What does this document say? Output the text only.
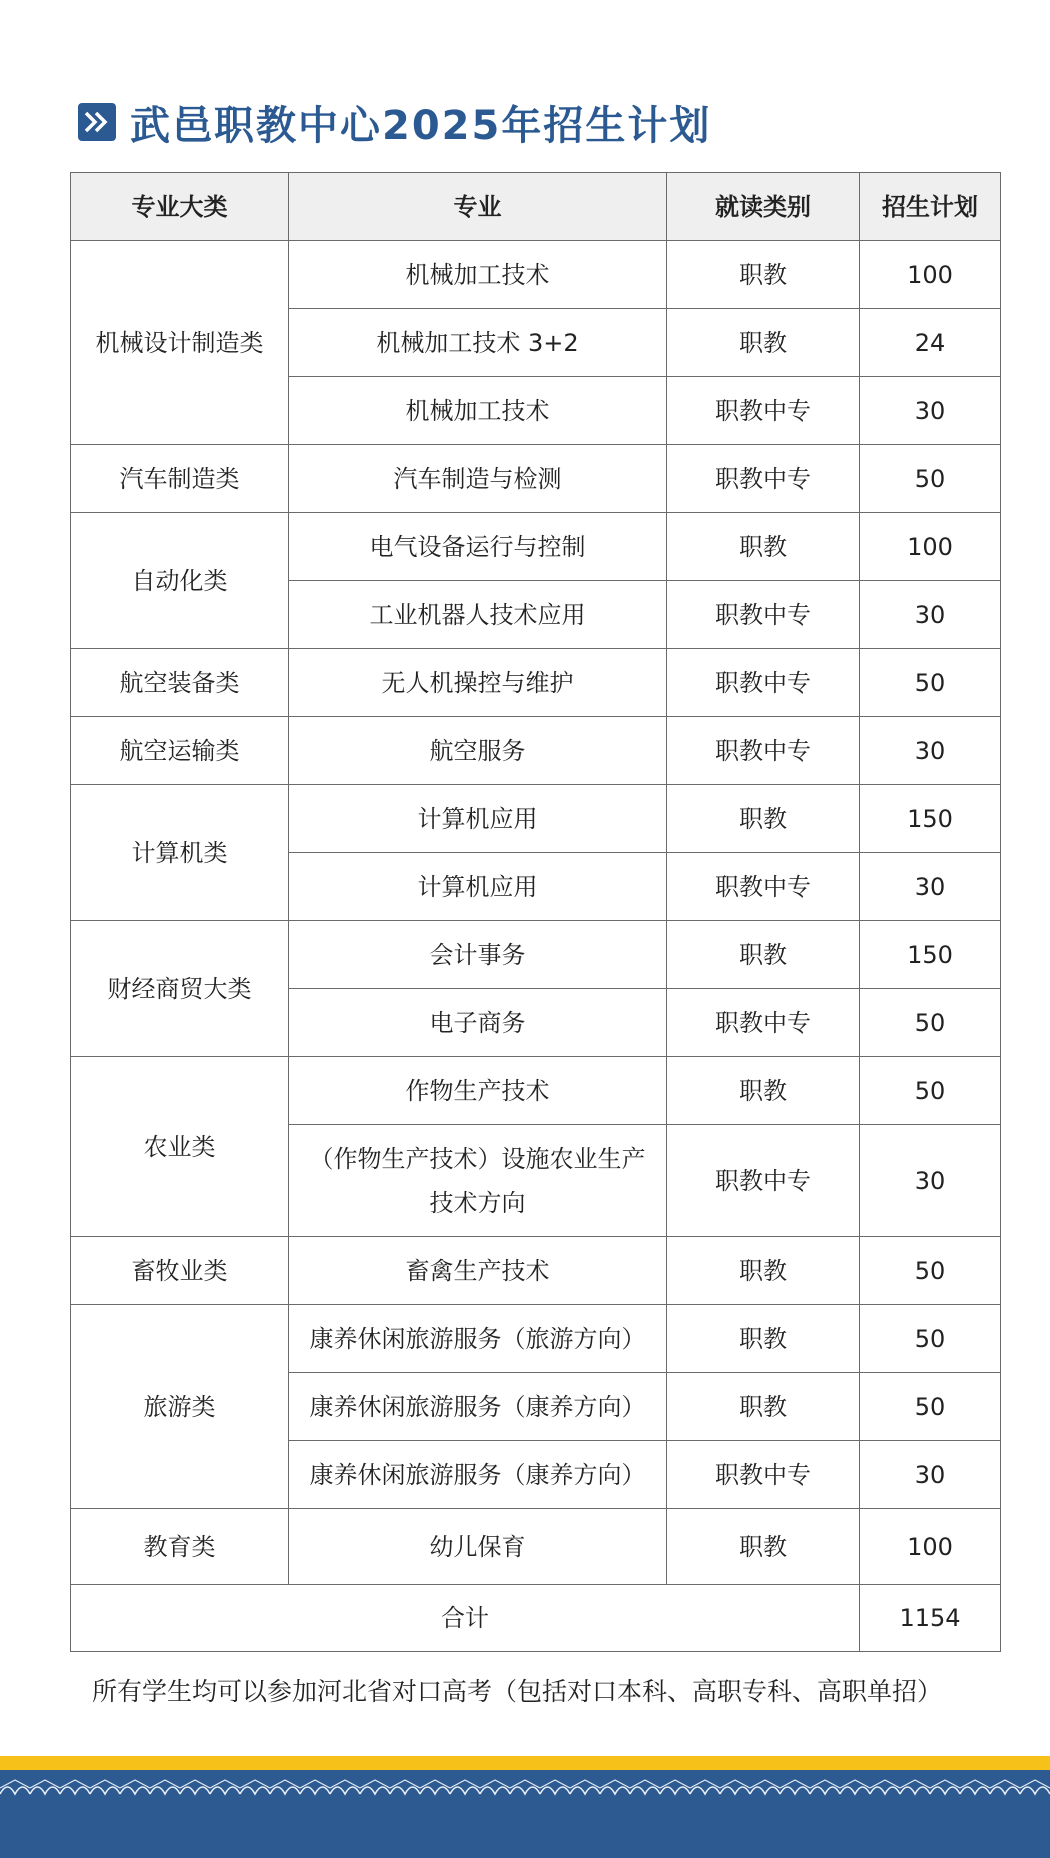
武邑职教中心2025年招生计划
专业大类	专业	就读类别	招生计划
机械设计制造类	机械加工技术	职教	100
	机械加工技术 3+2	职教	24
	机械加工技术	职教中专	30
汽车制造类	汽车制造与检测	职教中专	50
自动化类	电气设备运行与控制	职教	100
	工业机器人技术应用	职教中专	30
航空装备类	无人机操控与维护	职教中专	50
航空运输类	航空服务	职教中专	30
计算机类	计算机应用	职教	150
	计算机应用	职教中专	30
财经商贸大类	会计事务	职教	150
	电子商务	职教中专	50
农业类	作物生产技术	职教	50
	（作物生产技术）设施农业生产技术方向	职教中专	30
畜牧业类	畜禽生产技术	职教	50
旅游类	康养休闲旅游服务（旅游方向）	职教	50
	康养休闲旅游服务（康养方向）	职教	50
	康养休闲旅游服务（康养方向）	职教中专	30
教育类	幼儿保育	职教	100
合计			1154
所有学生均可以参加河北省对口高考（包括对口本科、高职专科、高职单招）
